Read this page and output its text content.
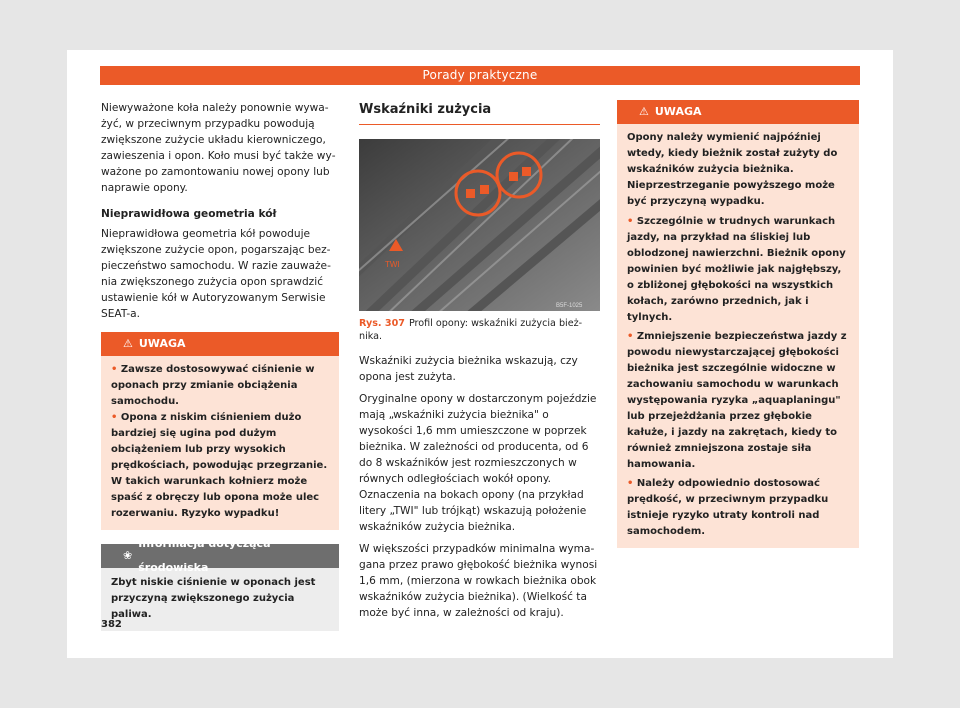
Porady praktyczne

Niewyważone koła należy ponownie wyważyć, w przeciwnym przypadku powodują zwiększone zużycie układu kierowniczego, zawieszenia i opon. Koło musi być także wyważone po zamontowaniu nowej opony lub naprawie opony.

Nieprawidłowa geometria kół

Nieprawidłowa geometria kół powoduje zwiększone zużycie opon, pogarszając bezpieczeństwo samochodu. W razie zauważenia zwiększonego zużycia opon sprawdzić ustawienie kół w Autoryzowanym Serwisie SEAT-a.

⚠ UWAGA
• Zawsze dostosowywać ciśnienie w oponach przy zmianie obciążenia samochodu.
• Opona z niskim ciśnieniem dużo bardziej się ugina pod dużym obciążeniem lub przy wysokich prędkościach, powodując przegrzanie. W takich warunkach kołnierz może spaść z obręczy lub opona może ulec rozerwaniu. Ryzyko wypadku!
❀
Informacja dotycząca środowiska
Zbyt niskie ciśnienie w oponach jest przyczyną zwiększonego zużycia paliwa.
Wskaźniki zużycia
TWI
B5F-1025
Rys. 307 Profil opony: wskaźniki zużycia bieżnika.

Wskaźniki zużycia bieżnika wskazują, czy opona jest zużyta.

Oryginalne opony w dostarczonym pojeździe mają „wskaźniki zużycia bieżnika" o wysokości 1,6 mm umieszczone w poprzek bieżnika. W zależności od producenta, od 6 do 8 wskaźników jest rozmieszczonych w równych odległościach wokół opony. Oznaczenia na bokach opony (na przykład litery „TWI" lub trójkąt) wskazują położenie wskaźników zużycia bieżnika.

W większości przypadków minimalna wymagana przez prawo głębokość bieżnika wynosi 1,6 mm, (mierzona w rowkach bieżnika obok wskaźników zużycia bieżnika). (Wielkość ta może być inna, w zależności od kraju).

⚠ UWAGA
Opony należy wymienić najpóźniej wtedy, kiedy bieżnik został zużyty do wskaźników zużycia bieżnika. Nieprzestrzeganie powyższego może być przyczyną wypadku.
• Szczególnie w trudnych warunkach jazdy, na przykład na śliskiej lub oblodzonej nawierzchni. Bieżnik opony powinien być możliwie jak najgłębszy, o zbliżonej głębokości na wszystkich kołach, zarówno przednich, jak i tylnych.
• Zmniejszenie bezpieczeństwa jazdy z powodu niewystarczającej głębokości bieżnika jest szczególnie widoczne w zachowaniu samochodu w warunkach występowania ryzyka „aquaplaningu" lub przejeżdżania przez głębokie kałuże, i jazdy na zakrętach, kiedy to również zmniejszona zostaje siła hamowania.
• Należy odpowiednio dostosować prędkość, w przeciwnym przypadku istnieje ryzyko utraty kontroli nad samochodem.
382
